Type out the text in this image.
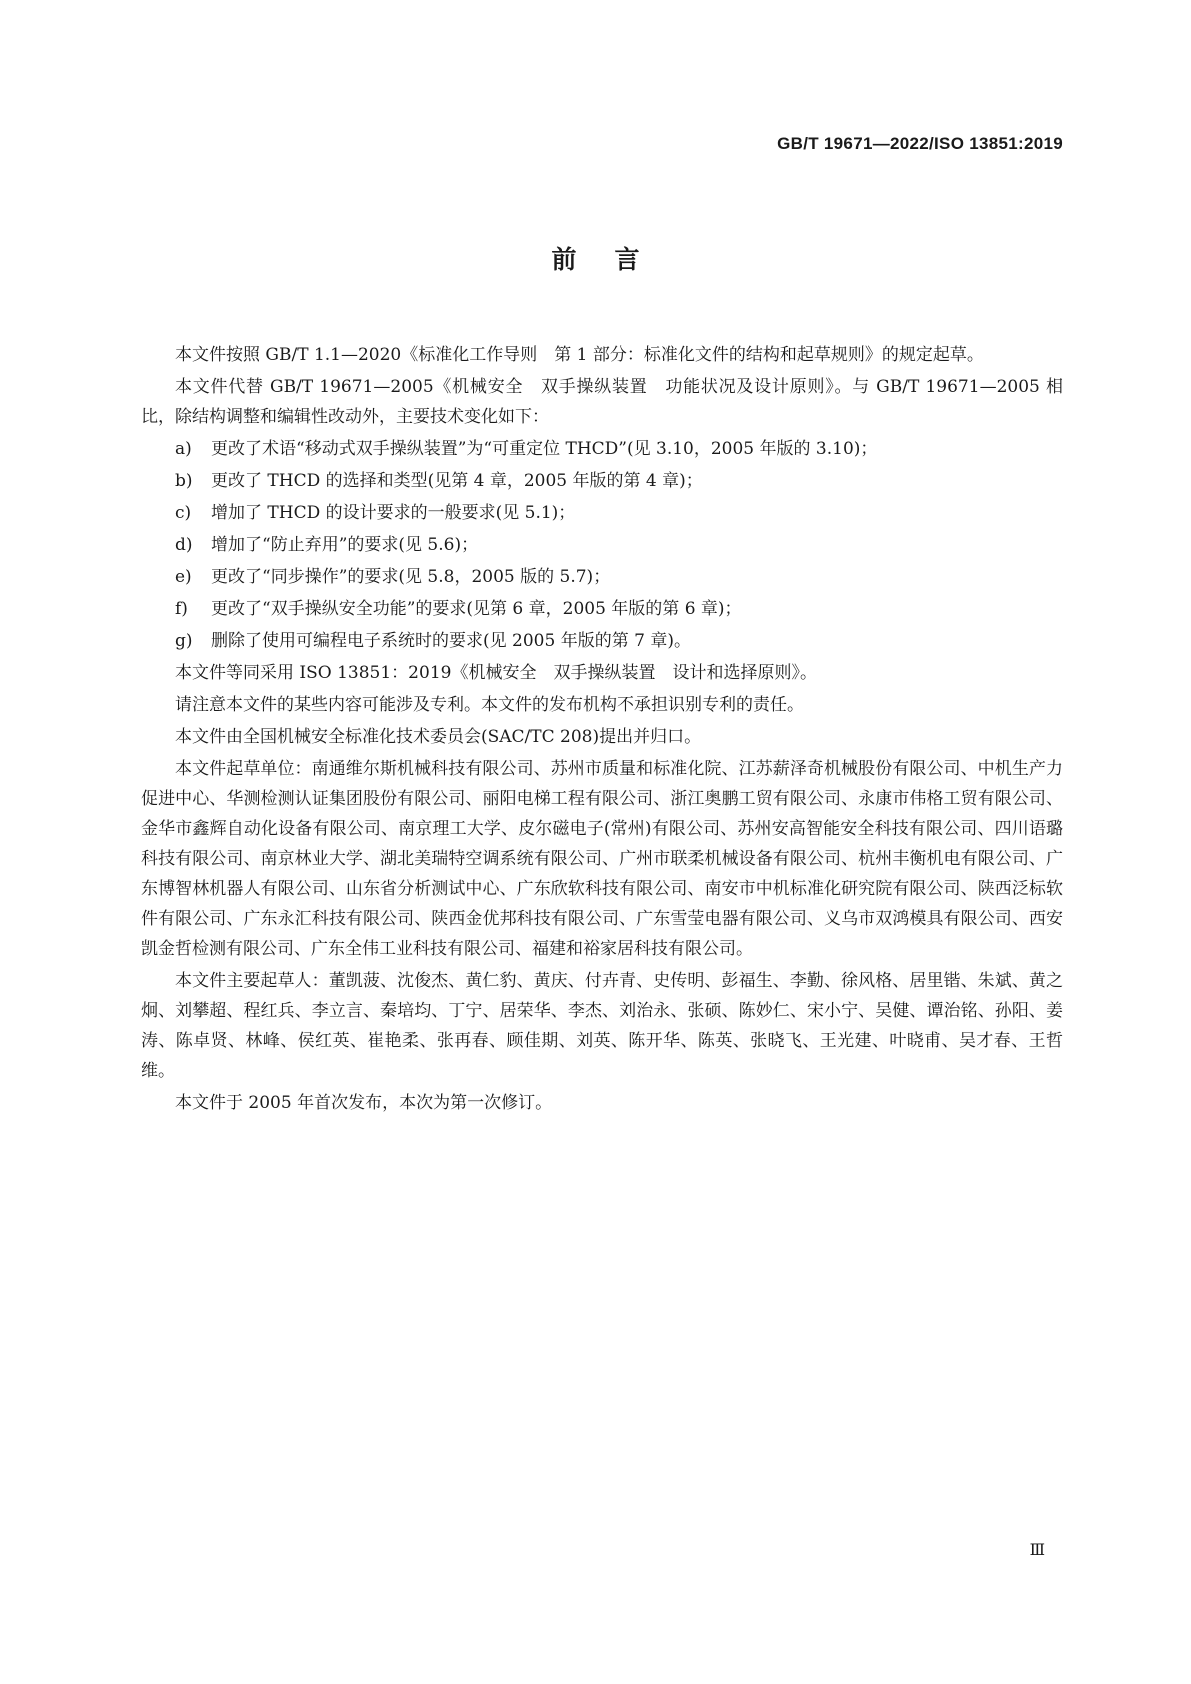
GB/T 19671—2022/ISO 13851:2019
前言

本文件按照 GB/T 1.1—2020《标准化工作导则　第 1 部分：标准化文件的结构和起草规则》的规定起草。

本文件代替 GB/T 19671—2005《机械安全　双手操纵装置　功能状况及设计原则》。与 GB/T 19671—2005 相比，除结构调整和编辑性改动外，主要技术变化如下：

a) 更改了术语“移动式双手操纵装置”为“可重定位 THCD”(见 3.10，2005 年版的 3.10)；

b) 更改了 THCD 的选择和类型(见第 4 章，2005 年版的第 4 章)；

c) 增加了 THCD 的设计要求的一般要求(见 5.1)；

d) 增加了“防止弃用”的要求(见 5.6)；

e) 更改了“同步操作”的要求(见 5.8，2005 版的 5.7)；

f) 更改了“双手操纵安全功能”的要求(见第 6 章，2005 年版的第 6 章)；

g) 删除了使用可编程电子系统时的要求(见 2005 年版的第 7 章)。

本文件等同采用 ISO 13851：2019《机械安全　双手操纵装置　设计和选择原则》。

请注意本文件的某些内容可能涉及专利。本文件的发布机构不承担识别专利的责任。

本文件由全国机械安全标准化技术委员会(SAC/TC 208)提出并归口。

本文件起草单位：南通维尔斯机械科技有限公司、苏州市质量和标准化院、江苏薪泽奇机械股份有限公司、中机生产力促进中心、华测检测认证集团股份有限公司、丽阳电梯工程有限公司、浙江奥鹏工贸有限公司、永康市伟格工贸有限公司、金华市鑫辉自动化设备有限公司、南京理工大学、皮尔磁电子(常州)有限公司、苏州安高智能安全科技有限公司、四川语璐科技有限公司、南京林业大学、湖北美瑞特空调系统有限公司、广州市联柔机械设备有限公司、杭州丰衡机电有限公司、广东博智林机器人有限公司、山东省分析测试中心、广东欣软科技有限公司、南安市中机标准化研究院有限公司、陕西泛标软件有限公司、广东永汇科技有限公司、陕西金优邦科技有限公司、广东雪莹电器有限公司、义乌市双鸿模具有限公司、西安凯金哲检测有限公司、广东全伟工业科技有限公司、福建和裕家居科技有限公司。

本文件主要起草人：董凯菠、沈俊杰、黄仁豹、黄庆、付卉青、史传明、彭福生、李勤、徐风格、居里锴、朱斌、黄之炯、刘攀超、程红兵、李立言、秦培均、丁宁、居荣华、李杰、刘治永、张硕、陈妙仁、宋小宁、吴健、谭治铭、孙阳、姜涛、陈卓贤、林峰、侯红英、崔艳柔、张再春、顾佳期、刘英、陈开华、陈英、张晓飞、王光建、叶晓甫、吴才春、王哲维。

本文件于 2005 年首次发布，本次为第一次修订。

Ⅲ
